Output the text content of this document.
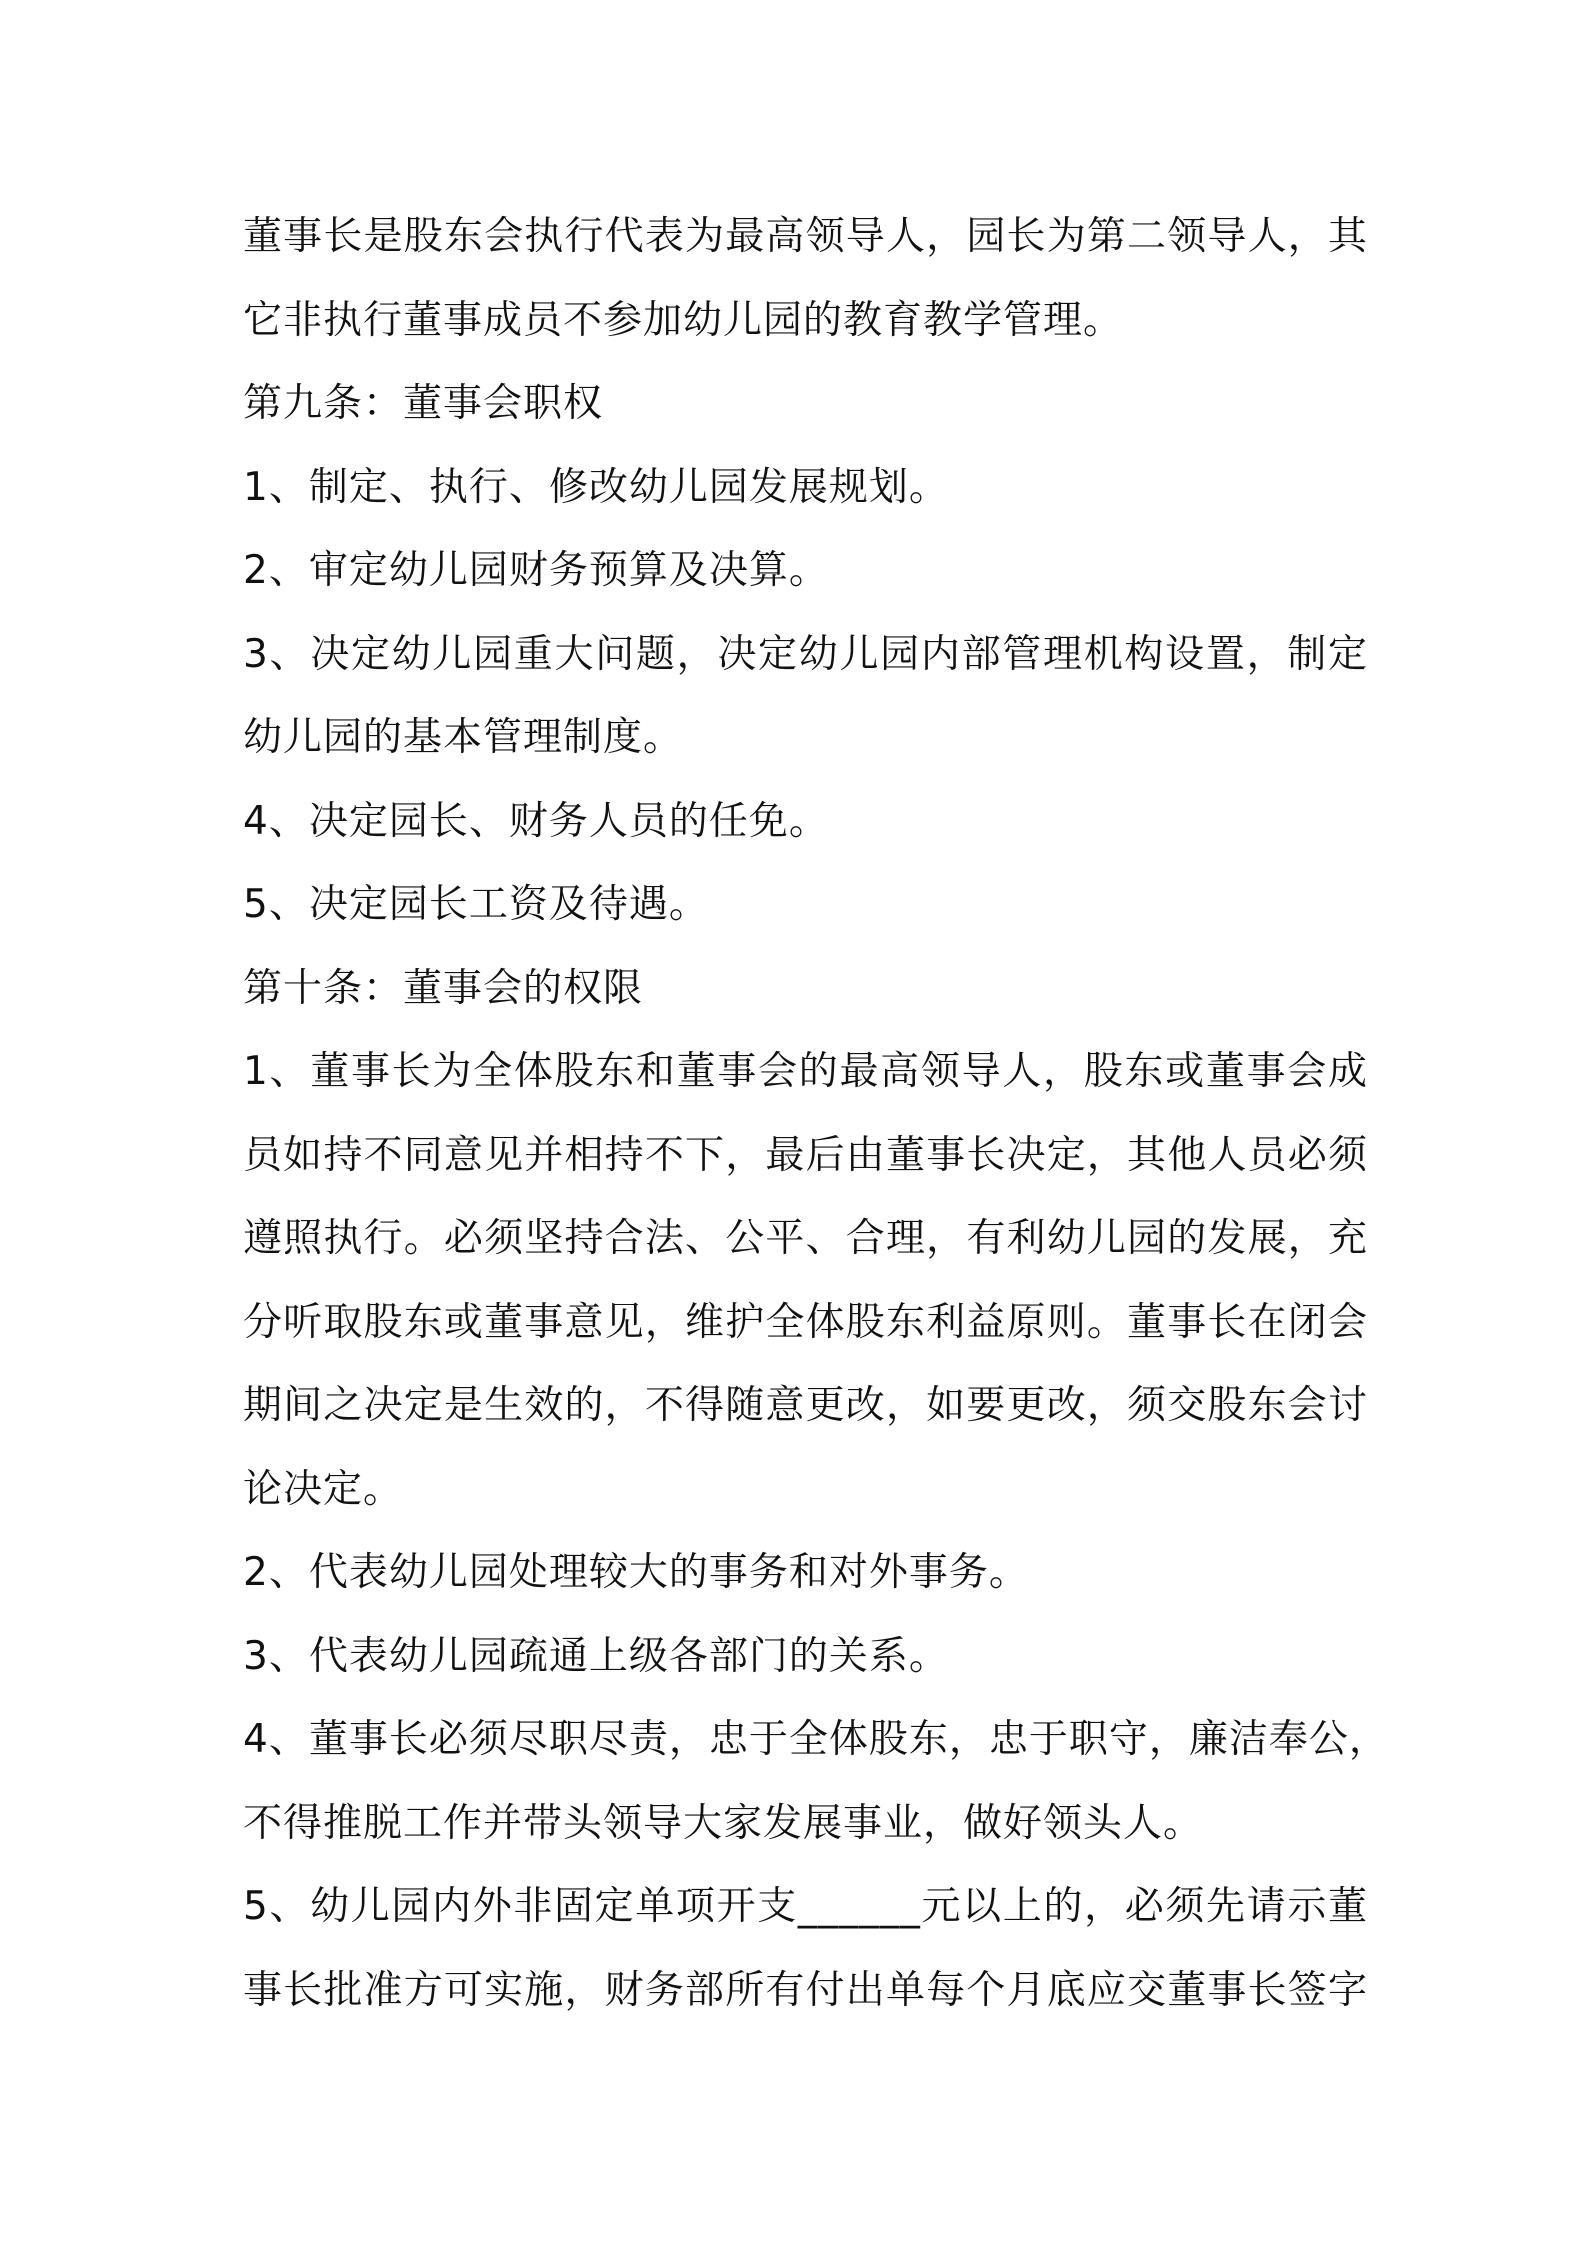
董事长是股东会执行代表为最高领导人，园长为第二领导人，其
它非执行董事成员不参加幼儿园的教育教学管理。
第九条：董事会职权
1、制定、执行、修改幼儿园发展规划。
2、审定幼儿园财务预算及决算。
3、决定幼儿园重大问题，决定幼儿园内部管理机构设置，制定
幼儿园的基本管理制度。
4、决定园长、财务人员的任免。
5、决定园长工资及待遇。
第十条：董事会的权限
1、董事长为全体股东和董事会的最高领导人，股东或董事会成
员如持不同意见并相持不下，最后由董事长决定，其他人员必须
遵照执行。必须坚持合法、公平、合理，有利幼儿园的发展，充
分听取股东或董事意见，维护全体股东利益原则。董事长在闭会
期间之决定是生效的，不得随意更改，如要更改，须交股东会讨
论决定。
2、代表幼儿园处理较大的事务和对外事务。
3、代表幼儿园疏通上级各部门的关系。
4、董事长必须尽职尽责，忠于全体股东，忠于职守，廉洁奉公，
不得推脱工作并带头领导大家发展事业，做好领头人。
5、幼儿园内外非固定单项开支______元以上的，必须先请示董
事长批准方可实施，财务部所有付出单每个月底应交董事长签字
